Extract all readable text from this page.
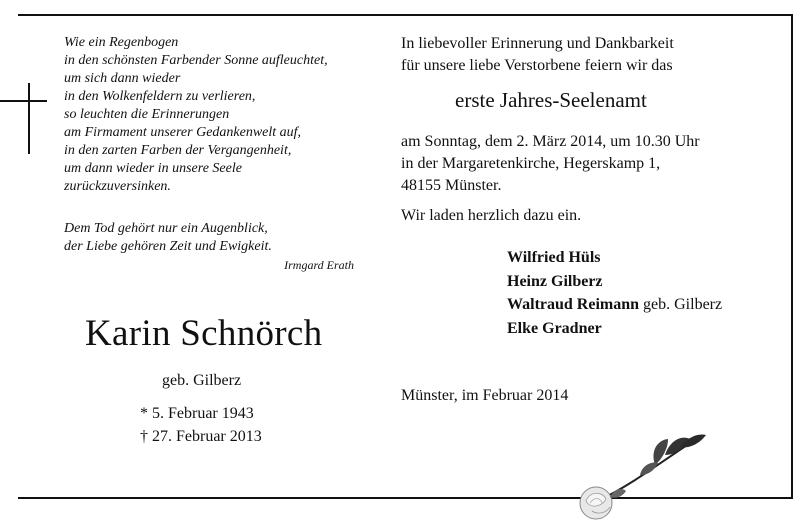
Wie ein Regenbogen
in den schönsten Farbender Sonne aufleuchtet,
um sich dann wieder
in den Wolkenfeldern zu verlieren,
so leuchten die Erinnerungen
am Firmament unserer Gedankenwelt auf,
in den zarten Farben der Vergangenheit,
um dann wieder in unsere Seele
zurückzuversinken.
Dem Tod gehört nur ein Augenblick,
der Liebe gehören Zeit und Ewigkeit.
Irmgard Erath
Karin Schnörch
geb. Gilberz
* 5. Februar 1943
† 27. Februar 2013
In liebevoller Erinnerung und Dankbarkeit
für unsere liebe Verstorbene feiern wir das
erste Jahres-Seelenamt
am Sonntag, dem 2. März 2014, um 10.30 Uhr
in der Margaretenkirche, Hegerskamp 1,
48155 Münster.
Wir laden herzlich dazu ein.
Wilfried Hüls
Heinz Gilberz
Waltraud Reimann geb. Gilberz
Elke Gradner
Münster, im Februar 2014
